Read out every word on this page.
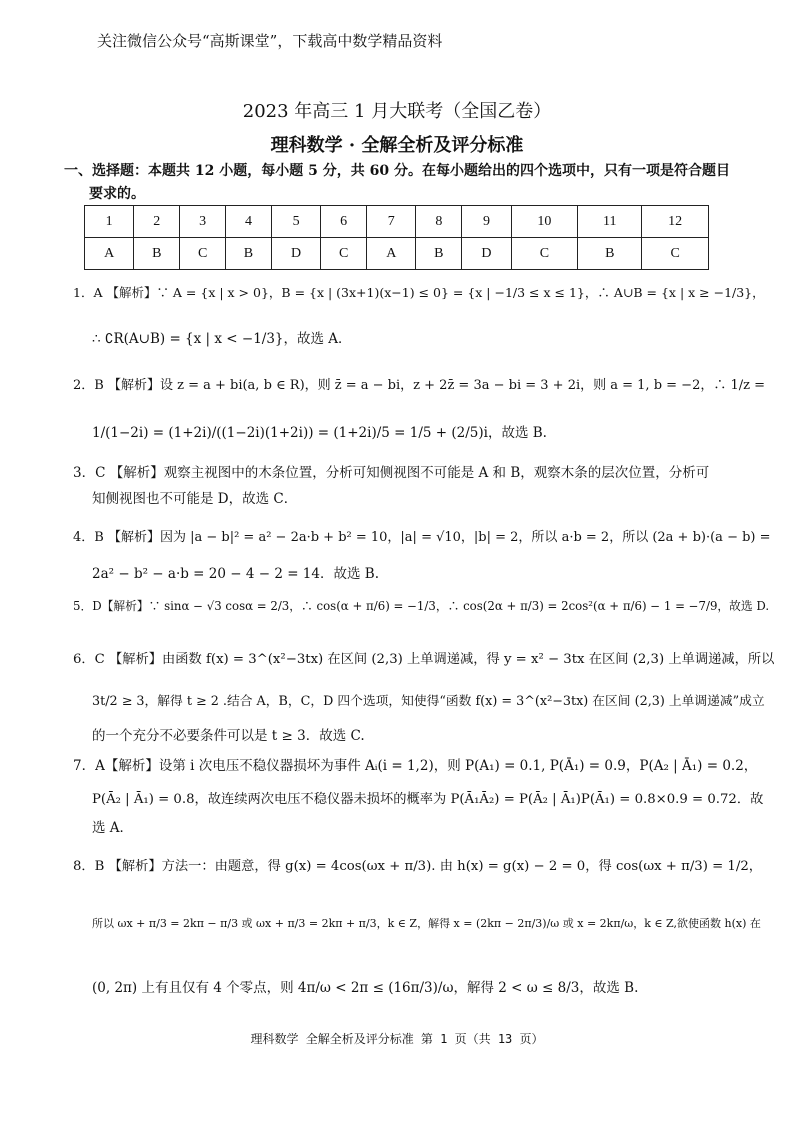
关注微信公众号“高斯课堂”，下载高中数学精品资料
2023 年高三 1 月大联考（全国乙卷）
理科数学 · 全解全析及评分标准
一、选择题：本题共 12 小题，每小题 5 分，共 60 分。在每小题给出的四个选项中，只有一项是符合题目
要求的。
1	2	3	4	5	6	7	8	9	10	11	12
A	B	C	B	D	C	A	B	D	C	B	C
1．A 【解析】∵ A = {x | x > 0}，B = {x | (3x+1)(x−1) ≤ 0} = {x | −1/3 ≤ x ≤ 1}，∴ A∪B = {x | x ≥ −1/3}，
∴ ∁R(A∪B) = {x | x < −1/3}，故选 A．
2．B 【解析】设 z = a + bi(a, b ∈ R)，则 z̄ = a − bi，z + 2z̄ = 3a − bi = 3 + 2i，则 a = 1, b = −2，∴ 1/z =
1/(1−2i) = (1+2i)/((1−2i)(1+2i)) = (1+2i)/5 = 1/5 + (2/5)i，故选 B.
3．C 【解析】观察主视图中的木条位置，分析可知侧视图不可能是 A 和 B，观察木条的层次位置，分析可
知侧视图也不可能是 D，故选 C．
4．B 【解析】因为 |a − b|² = a² − 2a·b + b² = 10，|a| = √10，|b| = 2，所以 a·b = 2，所以 (2a + b)·(a − b) =
2a² − b² − a·b = 20 − 4 − 2 = 14．故选 B.
5．D【解析】∵ sinα − √3 cosα = 2/3，∴ cos(α + π/6) = −1/3，∴ cos(2α + π/3) = 2cos²(α + π/6) − 1 = −7/9，故选 D.
6．C 【解析】由函数 f(x) = 3^(x²−3tx) 在区间 (2,3) 上单调递减，得 y = x² − 3tx 在区间 (2,3) 上单调递减，所以
3t/2 ≥ 3，解得 t ≥ 2 .结合 A，B，C，D 四个选项，知使得“函数 f(x) = 3^(x²−3tx) 在区间 (2,3) 上单调递减”成立
的一个充分不必要条件可以是 t ≥ 3．故选 C.
7．A【解析】设第 i 次电压不稳仪器损坏为事件 Aᵢ(i = 1,2)，则 P(A₁) = 0.1, P(Ā₁) = 0.9，P(A₂ | Ā₁) = 0.2，
P(Ā₂ | Ā₁) = 0.8，故连续两次电压不稳仪器未损坏的概率为 P(Ā₁Ā₂) = P(Ā₂ | Ā₁)P(Ā₁) = 0.8×0.9 = 0.72．故
选 A．
8．B 【解析】方法一：由题意，得 g(x) = 4cos(ωx + π/3). 由 h(x) = g(x) − 2 = 0，得 cos(ωx + π/3) = 1/2，
所以 ωx + π/3 = 2kπ − π/3 或 ωx + π/3 = 2kπ + π/3，k ∈ Z，解得 x = (2kπ − 2π/3)/ω 或 x = 2kπ/ω，k ∈ Z,欲使函数 h(x) 在
(0, 2π) 上有且仅有 4 个零点，则 4π/ω < 2π ≤ (16π/3)/ω，解得 2 < ω ≤ 8/3，故选 B.
理科数学 全解全析及评分标准 第 1 页（共 13 页）
